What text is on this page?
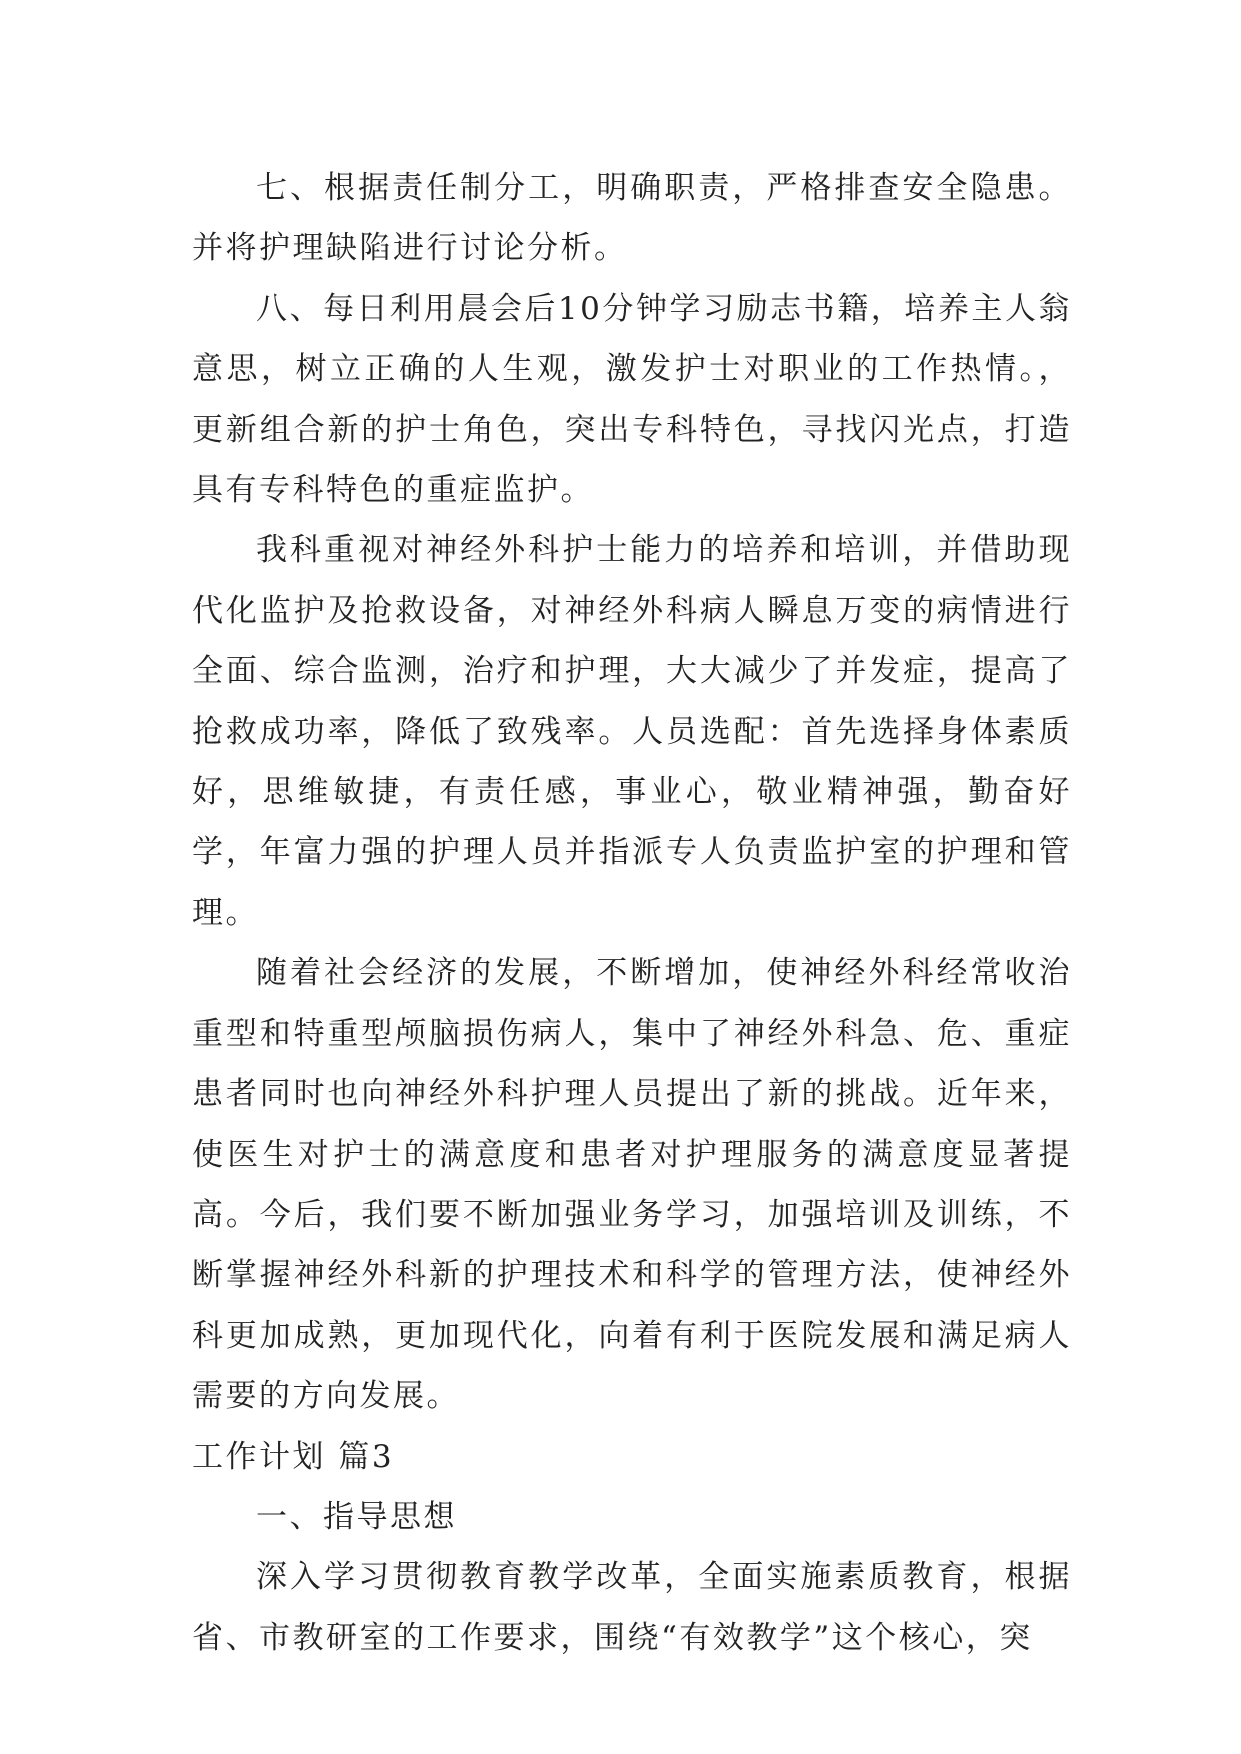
七、根据责任制分工，明确职责，严格排查安全隐患。并将护理缺陷进行讨论分析。

八、每日利用晨会后10分钟学习励志书籍，培养主人翁意思，树立正确的人生观，激发护士对职业的工作热情。，更新组合新的护士角色，突出专科特色，寻找闪光点，打造具有专科特色的重症监护。

我科重视对神经外科护士能力的培养和培训，并借助现代化监护及抢救设备，对神经外科病人瞬息万变的病情进行全面、综合监测，治疗和护理，大大减少了并发症，提高了抢救成功率，降低了致残率。人员选配：首先选择身体素质好，思维敏捷，有责任感，事业心，敬业精神强，勤奋好学，年富力强的护理人员并指派专人负责监护室的护理和管理。

随着社会经济的发展，不断增加，使神经外科经常收治重型和特重型颅脑损伤病人，集中了神经外科急、危、重症患者同时也向神经外科护理人员提出了新的挑战。近年来，使医生对护士的满意度和患者对护理服务的满意度显著提高。今后，我们要不断加强业务学习，加强培训及训练，不断掌握神经外科新的护理技术和科学的管理方法，使神经外科更加成熟，更加现代化，向着有利于医院发展和满足病人需要的方向发展。

工作计划 篇3

一、指导思想

深入学习贯彻教育教学改革，全面实施素质教育，根据省、市教研室的工作要求，围绕“有效教学”这个核心，突
